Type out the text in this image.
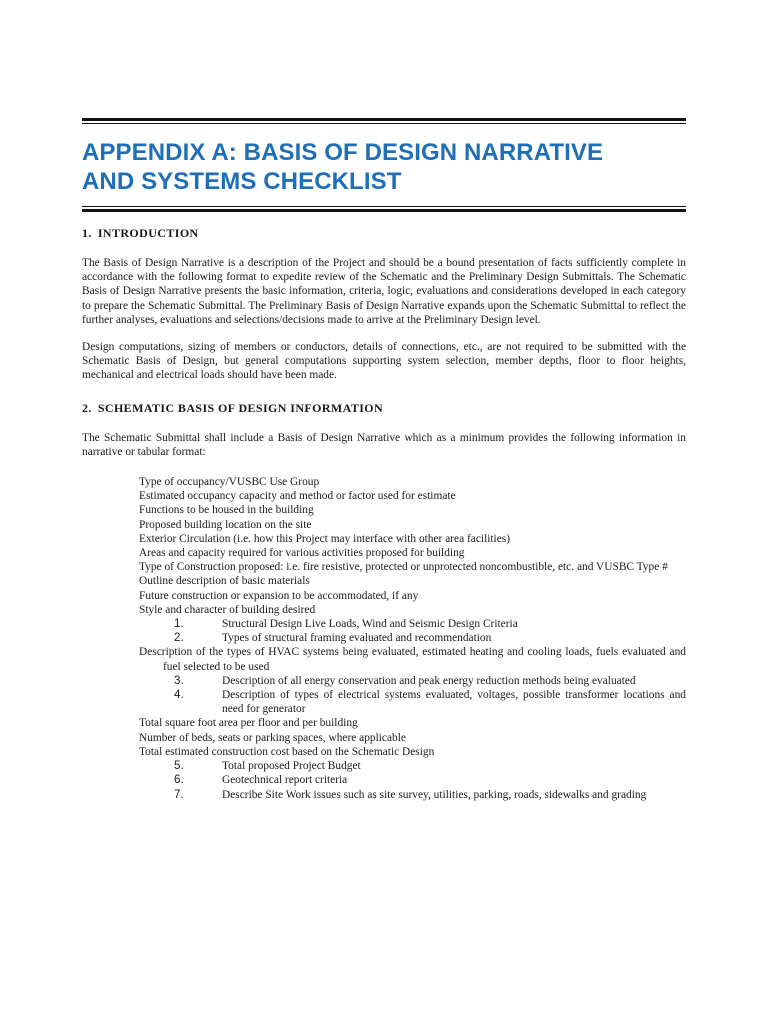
APPENDIX A: BASIS OF DESIGN NARRATIVE
AND SYSTEMS CHECKLIST
1. INTRODUCTION

The Basis of Design Narrative is a description of the Project and should be a bound presentation of facts sufficiently complete in accordance with the following format to expedite review of the Schematic and the Preliminary Design Submittals. The Schematic Basis of Design Narrative presents the basic information, criteria, logic, evaluations and considerations developed in each category to prepare the Schematic Submittal. The Preliminary Basis of Design Narrative expands upon the Schematic Submittal to reflect the further analyses, evaluations and selections/decisions made to arrive at the Preliminary Design level.

Design computations, sizing of members or conductors, details of connections, etc., are not required to be submitted with the Schematic Basis of Design, but general computations supporting system selection, member depths, floor to floor heights, mechanical and electrical loads should have been made.

2. SCHEMATIC BASIS OF DESIGN INFORMATION

The Schematic Submittal shall include a Basis of Design Narrative which as a minimum provides the following information in narrative or tabular format:

Type of occupancy/VUSBC Use Group
Estimated occupancy capacity and method or factor used for estimate
Functions to be housed in the building
Proposed building location on the site
Exterior Circulation (i.e. how this Project may interface with other area facilities)
Areas and capacity required for various activities proposed for building
Type of Construction proposed: i.e. fire resistive, protected or unprotected noncombustible, etc. and VUSBC Type #
Outline description of basic materials
Future construction or expansion to be accommodated, if any
Style and character of building desired
1.	Structural Design Live Loads, Wind and Seismic Design Criteria
2.	Types of structural framing evaluated and recommendation
Description of the types of HVAC systems being evaluated, estimated heating and cooling loads, fuels evaluated and fuel selected to be used
3.	Description of all energy conservation and peak energy reduction methods being evaluated
4.	Description of types of electrical systems evaluated, voltages, possible transformer locations and need for generator
Total square foot area per floor and per building
Number of beds, seats or parking spaces, where applicable
Total estimated construction cost based on the Schematic Design
5.	Total proposed Project Budget
6.	Geotechnical report criteria
7.	Describe Site Work issues such as site survey, utilities, parking, roads, sidewalks and grading
